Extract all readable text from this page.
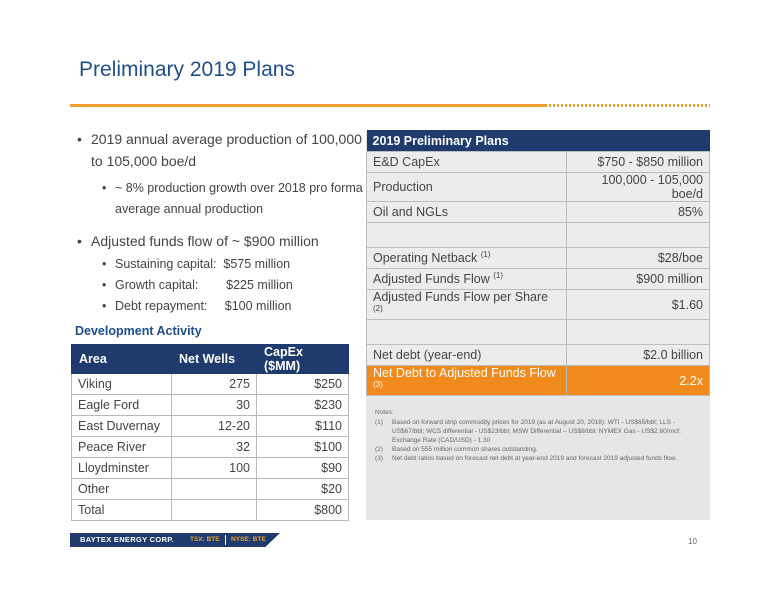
Preliminary 2019 Plans
• 2019 annual average production of 100,000 to 105,000 boe/d
• ~ 8% production growth over 2018 pro forma average annual production
• Adjusted funds flow of ~ $900 million
• Sustaining capital:  $575 million
• Growth capital:        $225 million
• Debt repayment:     $100 million
Development Activity
Area	Net Wells	CapEx ($MM)
Viking	275	$250
Eagle Ford	30	$230
East Duvernay	12-20	$110
Peace River	32	$100
Lloydminster	100	$90
Other		$20
Total		$800
2019 Preliminary Plans	
E&D CapEx	$750 - $850 million
Production	100,000 - 105,000 boe/d
Oil and NGLs	85%

Operating Netback $^{(1)}$	$28/boe
Adjusted Funds Flow $^{(1)}$	$900 million
Adjusted Funds Flow per Share $^{(2)}$	$1.60

Net debt (year-end)	$2.0 billion
Net Debt to Adjusted Funds Flow $^{(3)}$	2.2x
Notes:
(1)	Based on forward strip commodity prices for 2019 (as at August 20, 2018): WTI - US$65/bbl; LLS - US$67/bbl; WCS differential - US$23/bbl; MSW Differential – US$8/bbl; NYMEX Gas - US$2.80/mcf; Exchange Rate (CAD/USD) - 1.30
(2)	Based on 555 million common shares outstanding.
(3)	Net debt ratios based on forecast net debt at year-end 2019 and forecast 2019 adjusted funds flow.
BAYTEX ENERGY CORP. TSX: BTE NYSE: BTE	10
